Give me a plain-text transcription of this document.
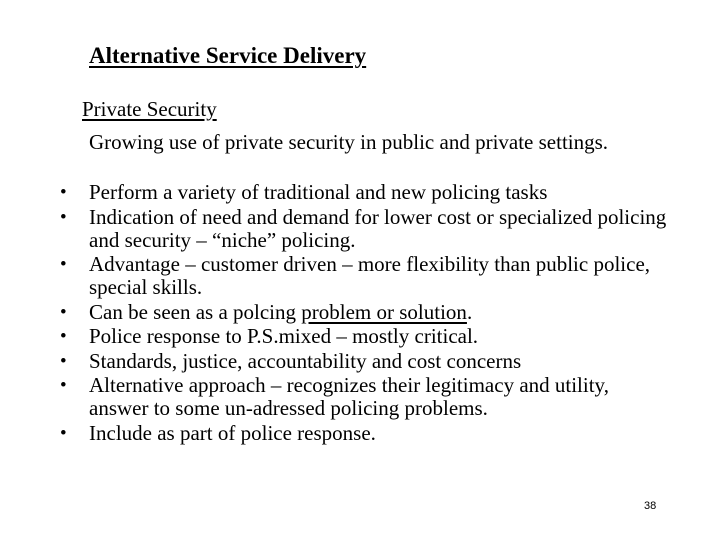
Alternative Service Delivery
Private Security
Growing use of private security in public and private settings.
• Perform a variety of traditional and new policing tasks
• Indication of need and demand for lower cost or specialized policing and security – “niche” policing.
• Advantage – customer driven – more flexibility than public police, special skills.
• Can be seen as a polcing problem or solution.
• Police response to P.S.mixed – mostly critical.
• Standards, justice, accountability and cost concerns
• Alternative approach – recognizes their legitimacy and utility, answer to some un-adressed policing problems.
• Include as part of police response.
38
